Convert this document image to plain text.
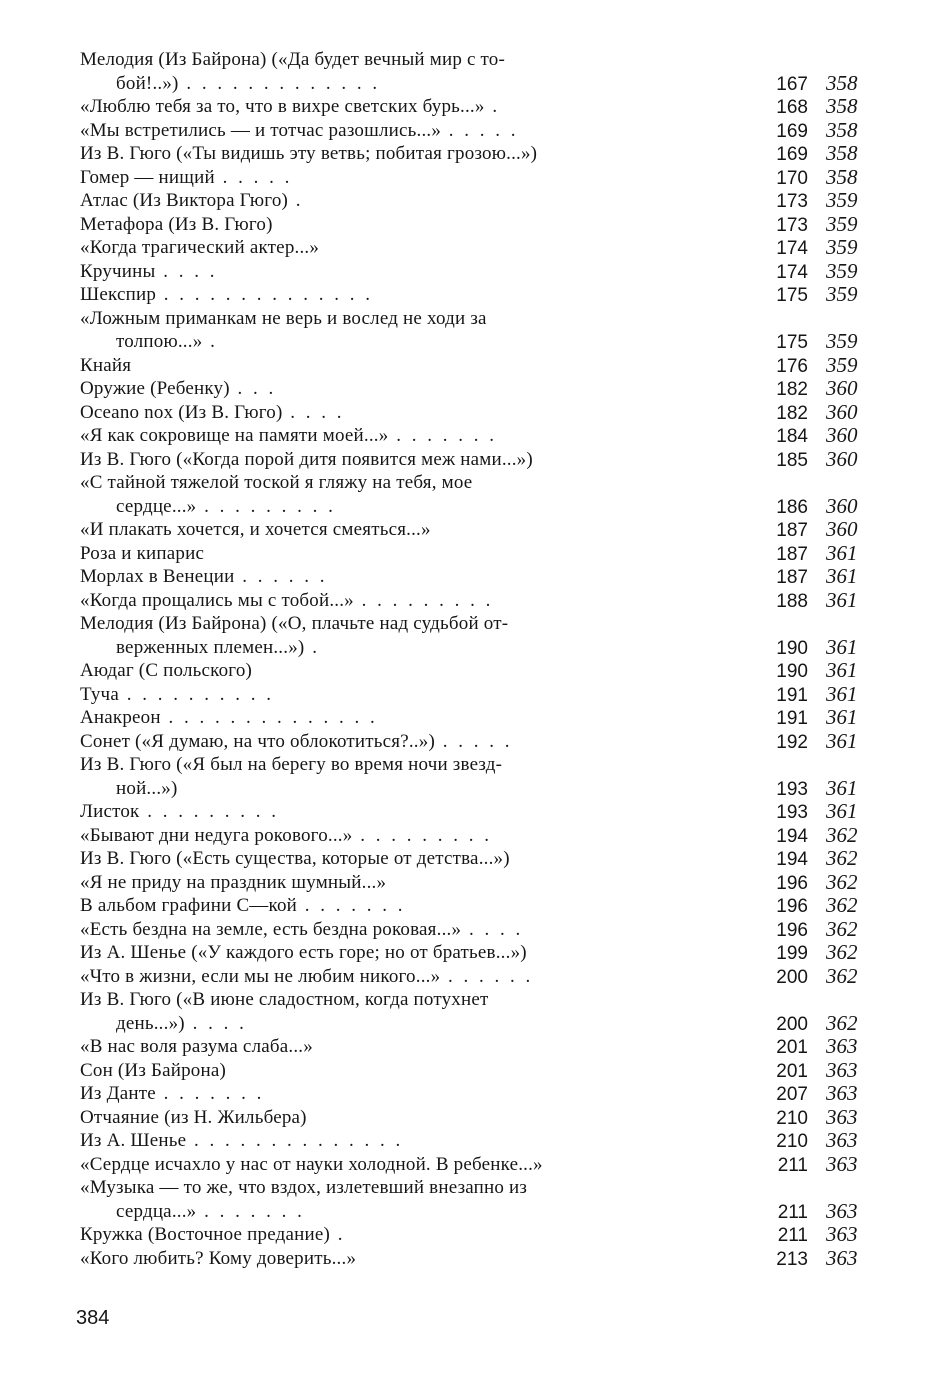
Мелодия (Из Байрона) («Да будет вечный мир с то-
бой!..») . . . . . . . . . . . . .	167 358
«Люблю тебя за то, что в вихре светских бурь...» .	168 358
«Мы встретились — и тотчас разошлись...» . . . . .	169 358
Из В. Гюго («Ты видишь эту ветвь; побитая грозою...»)	169 358
Гомер — нищий . . . . .	170 358
Атлас (Из Виктора Гюго) .	173 359
Метафора (Из В. Гюго)	173 359
«Когда трагический актер...»	174 359
Кручины . . . .	174 359
Шекспир . . . . . . . . . . . . . .	175 359
«Ложным приманкам не верь и вослед не ходи за
толпою...» .	175 359
Кнайя	176 359
Оружие (Ребенку) . . .	182 360
Oceano nox (Из В. Гюго) . . . .	182 360
«Я как сокровище на памяти моей...» . . . . . . .	184 360
Из В. Гюго («Когда порой дитя появится меж нами...»)	185 360
«С тайной тяжелой тоской я гляжу на тебя, мое
сердце...» . . . . . . . . .	186 360
«И плакать хочется, и хочется смеяться...»	187 360
Роза и кипарис	187 361
Морлах в Венеции . . . . . .	187 361
«Когда прощались мы с тобой...» . . . . . . . . .	188 361
Мелодия (Из Байрона) («О, плачьте над судьбой от-
верженных племен...») .	190 361
Аюдаг (С польского)	190 361
Туча . . . . . . . . . .	191 361
Анакреон . . . . . . . . . . . . . .	191 361
Сонет («Я думаю, на что облокотиться?..») . . . . .	192 361
Из В. Гюго («Я был на берегу во время ночи звезд-
ной...»)	193 361
Листок . . . . . . . . .	193 361
«Бывают дни недуга рокового...» . . . . . . . . .	194 362
Из В. Гюго («Есть существа, которые от детства...»)	194 362
«Я не приду на праздник шумный...»	196 362
В альбом графини С—кой . . . . . . .	196 362
«Есть бездна на земле, есть бездна роковая...» . . . .	196 362
Из А. Шенье («У каждого есть горе; но от братьев...»)	199 362
«Что в жизни, если мы не любим никого...» . . . . . .	200 362
Из В. Гюго («В июне сладостном, когда потухнет
день...») . . . .	200 362
«В нас воля разума слаба...»	201 363
Сон (Из Байрона)	201 363
Из Данте . . . . . . .	207 363
Отчаяние (из Н. Жильбера)	210 363
Из А. Шенье . . . . . . . . . . . . . .	210 363
«Сердце исчахло у нас от науки холодной. В ребенке...»	211 363
«Музыка — то же, что вздох, излетевший внезапно из
сердца...» . . . . . . .	211 363
Кружка (Восточное предание) .	211 363
«Кого любить? Кому доверить...»	213 363
384
